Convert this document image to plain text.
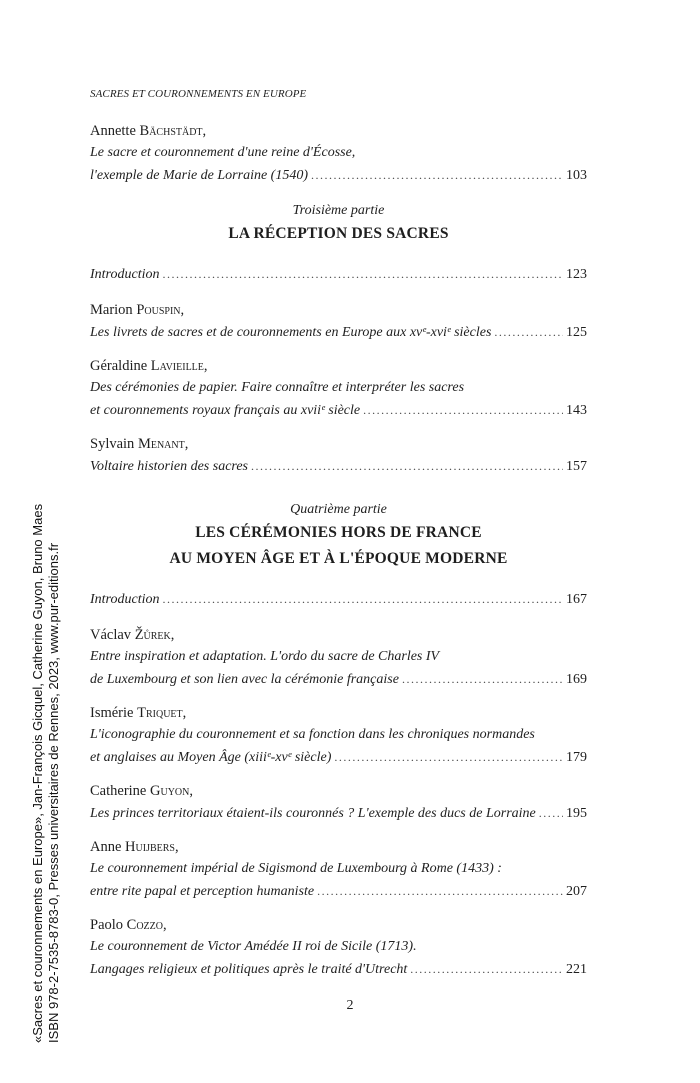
SACRES ET COURONNEMENTS EN EUROPE
Annette Bächstädt,
Le sacre et couronnement d'une reine d'Écosse,
l'exemple de Marie de Lorraine (1540) .....	103
Troisième partie
LA RÉCEPTION DES SACRES
Introduction .....	123
Marion Pouspin,
Les livrets de sacres et de couronnements en Europe aux xvᵉ-xviᵉ siècles .....	125
Géraldine Lavieille,
Des cérémonies de papier. Faire connaître et interpréter les sacres
et couronnements royaux français au xviiᵉ siècle .....	143
Sylvain Menant,
Voltaire historien des sacres .....	157
Quatrième partie
LES CÉRÉMONIES HORS DE FRANCE
AU MOYEN ÂGE ET À L'ÉPOQUE MODERNE
Introduction .....	167
Václav Žůrek,
Entre inspiration et adaptation. L'ordo du sacre de Charles IV
de Luxembourg et son lien avec la cérémonie française .....	169
Ismérie Triquet,
L'iconographie du couronnement et sa fonction dans les chroniques normandes
et anglaises au Moyen Âge (xiiiᵉ-xvᵉ siècle) .....	179
Catherine Guyon,
Les princes territoriaux étaient-ils couronnés ? L'exemple des ducs de Lorraine ..... 195
Anne Huijbers,
Le couronnement impérial de Sigismond de Luxembourg à Rome (1433) :
entre rite papal et perception humaniste .....	207
Paolo Cozzo,
Le couronnement de Victor Amédée II roi de Sicile (1713).
Langages religieux et politiques après le traité d'Utrecht .....	221
2
«Sacres et couronnements en Europe», Jan-François Gicquel, Catherine Guyon, Bruno Maes ISBN 978-2-7535-8783-0, Presses universitaires de Rennes, 2023, www.pur-editions.fr
